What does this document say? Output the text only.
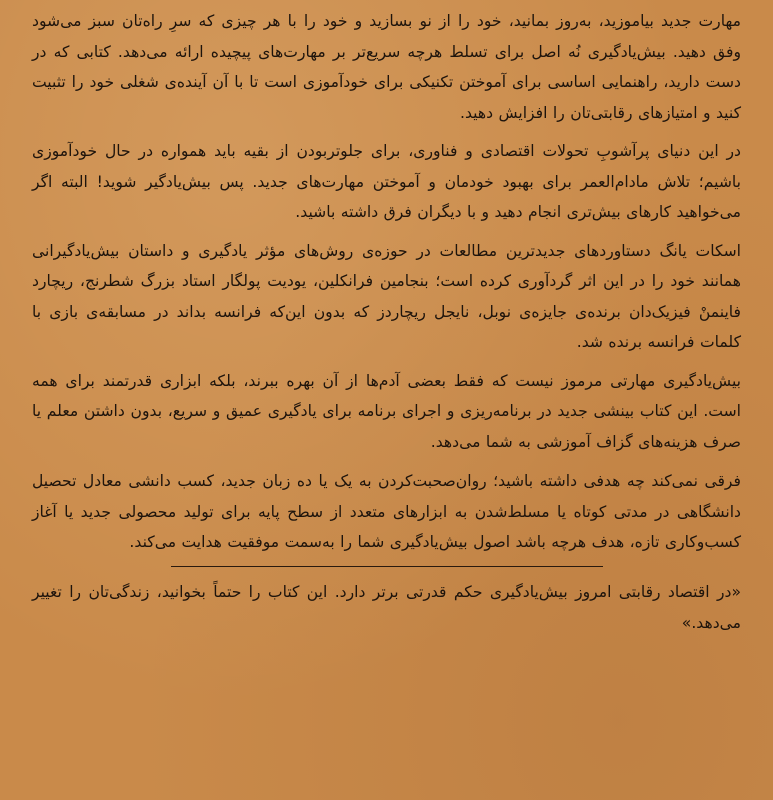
مهارت جدید بیاموزید، به‌روز بمانید، خود را از نو بسازید و خود را با هر چیزی که سرِ راه‌تان سبز می‌شود وفق دهید. بیش‌یادگیری نُه اصل برای تسلط هرچه سریع‌تر بر مهارت‌های پیچیده ارائه می‌دهد. کتابی که در دست دارید، راهنمایی اساسی برای آموختن تکنیکی برای خودآموزی است تا با آن آینده‌ی شغلی خود را تثبیت کنید و امتیازهای رقابتی‌تان را افزایش دهید.

در این دنیای پرآشوبِ تحولات اقتصادی و فناوری، برای جلوتربودن از بقیه باید همواره در حال خودآموزی باشیم؛ تلاش مادام‌العمر برای بهبود خودمان و آموختن مهارت‌های جدید. پس بیش‌یادگیر شوید! البته اگر می‌خواهید کارهای بیش‌تری انجام دهید و با دیگران فرق داشته باشید.

اسکات یانگ دستاوردهای جدیدترین مطالعات در حوزه‌ی روش‌های مؤثر یادگیری و داستان بیش‌یادگیرانی همانند خود را در این اثر گردآوری کرده است؛ بنجامین فرانکلین، یودیت پولگار استاد بزرگ شطرنج، ریچارد فاینمنْ فیزیک‌دان برنده‌ی جایزه‌ی نوبل، نایجل ریچاردز که بدون این‌که فرانسه بداند در مسابقه‌ی بازی با کلمات فرانسه برنده شد.

بیش‌یادگیری مهارتی مرموز نیست که فقط بعضی آدم‌ها از آن بهره ببرند، بلکه ابزاری قدرتمند برای همه است. این کتاب بینشی جدید در برنامه‌ریزی و اجرای برنامه برای یادگیری عمیق و سریع، بدون داشتن معلم یا صرف هزینه‌های گزاف آموزشی به شما می‌دهد.

فرقی نمی‌کند چه هدفی داشته باشید؛ روان‌صحبت‌کردن به یک یا ده زبان جدید، کسب دانشی معادل تحصیل دانشگاهی در مدتی کوتاه یا مسلط‌شدن به ابزارهای متعدد از سطح پایه برای تولید محصولی جدید یا آغاز کسب‌وکاری تازه، هدف هرچه باشد اصول بیش‌یادگیری شما را به‌سمت موفقیت هدایت می‌کند.

«در اقتصاد رقابتی امروز بیش‌یادگیری حکم قدرتی برتر دارد. این کتاب را حتماً بخوانید، زندگی‌تان را تغییر می‌دهد.»
